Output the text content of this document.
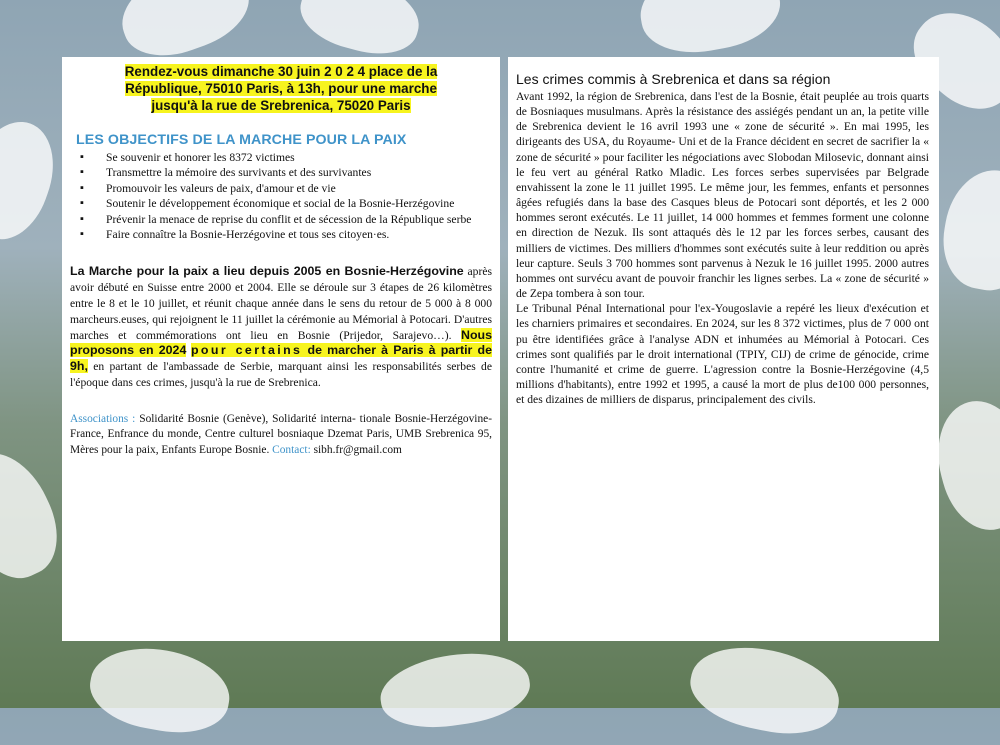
Rendez-vous dimanche 30 juin 2 0 2 4 place de la
République, 75010 Paris, à 13h, pour une marche
jusqu'à la rue de Srebrenica, 75020 Paris
LES OBJECTIFS DE LA MARCHE POUR LA PAIX
▪ Se souvenir et honorer les 8372 victimes
▪ Transmettre la mémoire des survivants et des survivantes
▪ Promouvoir les valeurs de paix, d'amour et de vie
▪ Soutenir le développement économique et social de la Bosnie-Herzégovine
▪ Prévenir la menace de reprise du conflit et de sécession de la République serbe
▪ Faire connaître la Bosnie-Herzégovine et tous ses citoyen·es.
La Marche pour la paix a lieu depuis 2005 en Bosnie-Herzégovine après avoir débuté en Suisse entre 2000 et 2004. Elle se déroule sur 3 étapes de 26 kilomètres entre le 8 et le 10 juillet, et réunit chaque année dans le sens du retour de 5 000 à 8 000 marcheurs.euses, qui rejoignent le 11 juillet la cérémonie au Mémorial à Potocari. D'autres marches et commémorations ont lieu en Bosnie (Prijedor, Sarajevo…). Nous proposons en 2024 pour certains de marcher à Paris à partir de 9h, en partant de l'ambassade de Serbie, marquant ainsi les responsabilités serbes de l'époque dans ces crimes, jusqu'à la rue de Srebrenica.
Associations : Solidarité Bosnie (Genève), Solidarité interna- tionale Bosnie-Herzégovine-France, Enfrance du monde, Centre culturel bosniaque Dzemat Paris, UMB Srebrenica 95, Mères pour la paix, Enfants Europe Bosnie. Contact: sibh.fr@gmail.com
Les crimes commis à Srebrenica et dans sa région

Avant 1992, la région de Srebrenica, dans l'est de la Bosnie, était peuplée au trois quarts de Bosniaques musulmans. Après la résistance des assiégés pendant un an, la petite ville de Srebrenica devient le 16 avril 1993 une « zone de sécurité ». En mai 1995, les dirigeants des USA, du Royaume- Uni et de la France décident en secret de sacrifier la « zone de sécurité » pour faciliter les négociations avec Slobodan Milosevic, donnant ainsi le feu vert au général Ratko Mladic. Les forces serbes supervisées par Belgrade envahissent la zone le 11 juillet 1995. Le même jour, les femmes, enfants et personnes âgées refugiés dans la base des Casques bleus de Potocari sont déportés, et les 2 000 hommes seront exécutés. Le 11 juillet, 14 000 hommes et femmes forment une colonne en direction de Nezuk. Ils sont attaqués dès le 12 par les forces serbes, causant des milliers de victimes. Des milliers d'hommes sont exécutés suite à leur reddition ou après leur capture. Seuls 3 700 hommes sont parvenus à Nezuk le 16 juillet 1995. 2000 autres hommes ont survécu avant de pouvoir franchir les lignes serbes. La « zone de sécurité » de Zepa tombera à son tour.

Le Tribunal Pénal International pour l'ex-Yougoslavie a repéré les lieux d'exécution et les charniers primaires et secondaires. En 2024, sur les 8 372 victimes, plus de 7 000 ont pu être identifiées grâce à l'analyse ADN et inhumées au Mémorial à Potocari. Ces crimes sont qualifiés par le droit international (TPIY, CIJ) de crime de génocide, crime contre l'humanité et crime de guerre. L'agression contre la Bosnie-Herzégovine (4,5 millions d'habitants), entre 1992 et 1995, a causé la mort de plus de100 000 personnes, et des dizaines de milliers de disparus, principalement des civils.
